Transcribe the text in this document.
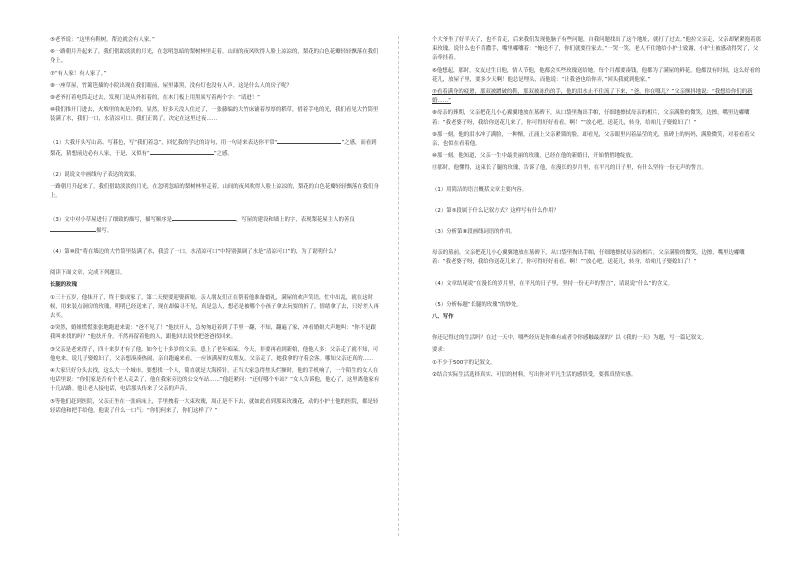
⑤老爷说：“这里有鞋树，帮边就会有人家。”

⑥一路朝月升起来了，我们借助淡淡的月光，在忽明忽暗的梨树林里走着。山间的夜风吹得人脸上凉凉的，梨花的白色花瓣轻轻飘落在我们身上。

⑦“有人家！有人家了。”

⑧一座草屋，竹篱笆插的小院出现在我们眼前，屋里漆黑，没有灯也没有人声。这是什么人的房子呢？

⑨老爷打着电筒走过去，发现门是从外扣着的，在木门板上用黑炭写着两个字：“请进！”

⑩我们推开门进去，火堆里的灰是冷的。显然，好多天没人住过了，一张藤编的大竹床铺着厚厚的稻草，借着手电的光，我们看见大竹筒里装满了水，我们一口，水清凉可口。我们正渴了，决定在这里过夜……

（1）大我开头写山高、写暮色，写“我们着急”，回忆我的学过的诗句，用一句诗来表达你平常“	”之感，而看到梨花，猜想前边必有人家，于是，又似有“	”之感。

（2）说说文中画线句子表达的效果。

一路朝月升起来了，我们借助淡淡的月光，在忽明忽暗的梨树林里走着。山间的夜风吹得人脸上凉凉的，梨花的白色花瓣轻轻飘落在我们身上。

（3）文中对小草屋进行了细致的描写，描写顺序是	，写屋的建设和墙上的字，表现梨花屋主人的善良描写。

（4）第⑩段“将在墙边的大竹筒里装满了水，我尝了一口，水清凉可口”中特别强调了水是“清凉可口”的，为了说明什么？

阅读下面文章，完成下列题目。

长腿的玫瑰

①三十五岁，他抹开了，终于要成家了，第二天便要迎娶新娘。亲人朋友们正在帮着他准备婚礼，满屋的欢声笑语，忙中出乱，就在这时候，用来装点洞房的玫瑰，明明已经送来了，现在却偏寻不见，真是急人，想必是被哪个小孩子拿去玩耍的折了，情绪拿了去，只好差人再去买。

②突然，婚姐慌慌张张地跑进来说：“爸不见了！”他扶开人，急匆匆赶着到了手里一翻，不知，翻遍了家，冲看婚姐大声地叫：“你不是跟我叫来找的吗？”他扶开身，不然再留着他的人，跟他回去说快把爸爸找回来。

③父亲是老来得子，四十来岁才有了他，如今七十多岁的父亲，患上了老年痴呆。今天，非要再看到新娘，他他人多：父亲走了就不知，可他电来，说儿子娶媳妇了，父亲想凑凑热闹，亲自跑遍来看，一应该满屋的女朋友，父亲走了，她我拿的守着会客。哪知父亲还真的……

④大家只好分头去找，这么大一个城市，要想找一个人，简直就是大海捞针。正当大家急得焦头烂额时，他的手机响了，一个陌生的女人在电话里说：“你们家是否有个老人走丢了，他在我家旁边的公交车站……”他赶紧问：“还好哪个车站？”女人告诉他，他心了，这里离他家有十几站路。他让老人接电话，电话那头传来了父亲的声音。

⑤等他们赶到医院，父亲正坐在一张病床上，手里拽着一大束玫瑰，周正是不下去，就如此看到那束玫瑰花，动的小护士他的医院，都是轻轻话他和把手给他，他说了什么一口气：“你们何来了，你们这样了？”

个大爷坐了好半天了，也不肯走，后来我们发现他脑子有些问题，自我问题找出了这个地址，就打了过去。”他拉父亲走，父亲却紧紧抱着那束玫瑰，说什么也不肯撒手，嘴里嘟囔着：“俺送不了，你们就要往家去。”一哭一笑，老人不住地给小护士致谢，小护士被感动得哭了，父亲牵挂着。

⑥他想起，那时，女友过生日他，情人节他，他都会买些玫瑰送给她。每个月都要凑钱，他都为了满屋的鲜花，他都没有时间，这么好看的花儿，放屋子里，要多少天啊！他总是埋头，而他说：“让我爸也给你弄，”回头我就到他家。”

⑦看着满身的疲惫，那双被蹭破的鞋，那双被冻伤的手，他的泪水止不住流了下来，“爸，你在哪儿？”父亲颤抖地说：“我想给你们的新婚……”

⑧母亲的葬期，父亲把花儿小心翼翼地放在墓碑下，从口袋里掏出手帕，仔细地擦拭母亲的相片，父亲满脸的微笑，边擦，嘴里边嘟囔着：“我老婆子呀，我给你送花儿来了，你可得好好看看，啊！”“放心吧，送花儿，转身，给咱儿子娶媳妇了！”

⑨那一刻，他的泪水冲了满脸，一种惭，正涌上父亲紧锁的脸，却看见，父亲眼里闪着晶莹的光，墓碑上的妈妈，满脸微笑，对着看着父亲，也似在看着他。

⑩那一刻，他知道，父亲一生中最美丽的玫瑰，已经在他的新婚日，开始悄悄地绽放。

⑪那时，他懂得，这束长了腿的玫瑰，告诉了他，在漫长的岁月里，在平凡的日子里，有什么坚持一份无声的誓言。

（1）用简洁的语言概括文章主要内容。

（2）第⑤段属于什么记叙方式？这样写有什么作用？

（3）分析第⑧段画线词语的作用。

母亲的墓前，父亲把花儿小心翼翼地放在墓碑下，从口袋里掏出手帕，仔细地擦拭母亲的相片，父亲满脸的微笑，边擦，嘴里边嘟囔着：“我老婆子呀，我给你送花儿来了，你可得好好看看，啊！”“放心吧，送花儿，转身，给咱儿子娶媳妇了！”

（4）文章结尾说“在漫长的岁月里，在平凡的日子里，坚持一份无声的誓言”，请说说“什么”的含义。

（5）分析标题“长腿的玫瑰”的妙处。

八、写作

你还记得过的生活吗？在过一天中，哪些经历是你难有或者令你感触最深的？以《我的一天》为题，写一篇记叙文。

要求：

①不少于500字的记叙文。

②结合实际生活选择真实、可信的材料，写出你对平凡生活的感悟受，要抓真情实感。
